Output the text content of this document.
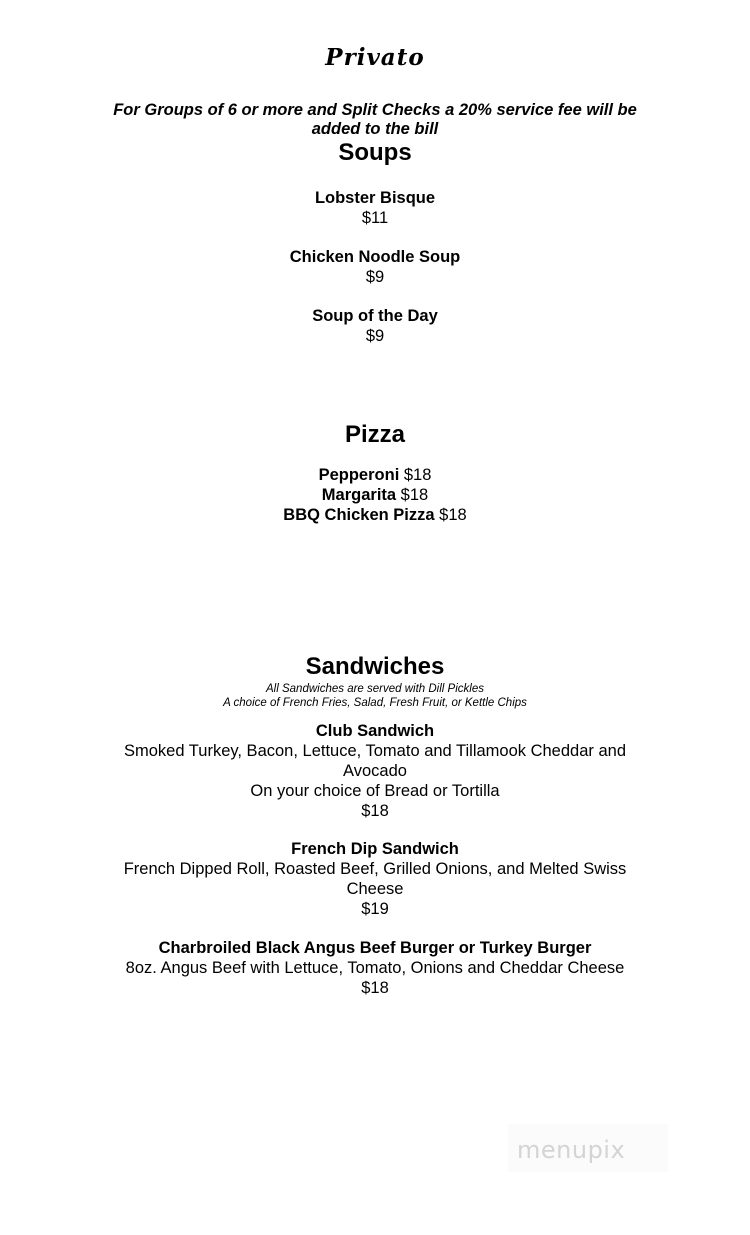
Privato
For Groups of 6 or more and Split Checks a 20% service fee will be added to the bill
Soups
Lobster Bisque
$11
Chicken Noodle Soup
$9
Soup of the Day
$9
Pizza
Pepperoni $18
Margarita $18
BBQ Chicken Pizza $18
Sandwiches
All Sandwiches are served with Dill Pickles
A choice of French Fries, Salad, Fresh Fruit, or Kettle Chips
Club Sandwich
Smoked Turkey, Bacon, Lettuce, Tomato and Tillamook Cheddar and Avocado
On your choice of Bread or Tortilla
$18
French Dip Sandwich
French Dipped Roll, Roasted Beef, Grilled Onions, and Melted Swiss Cheese
$19
Charbroiled Black Angus Beef Burger or Turkey Burger
8oz. Angus Beef with Lettuce, Tomato, Onions and Cheddar Cheese
$18
menupix
